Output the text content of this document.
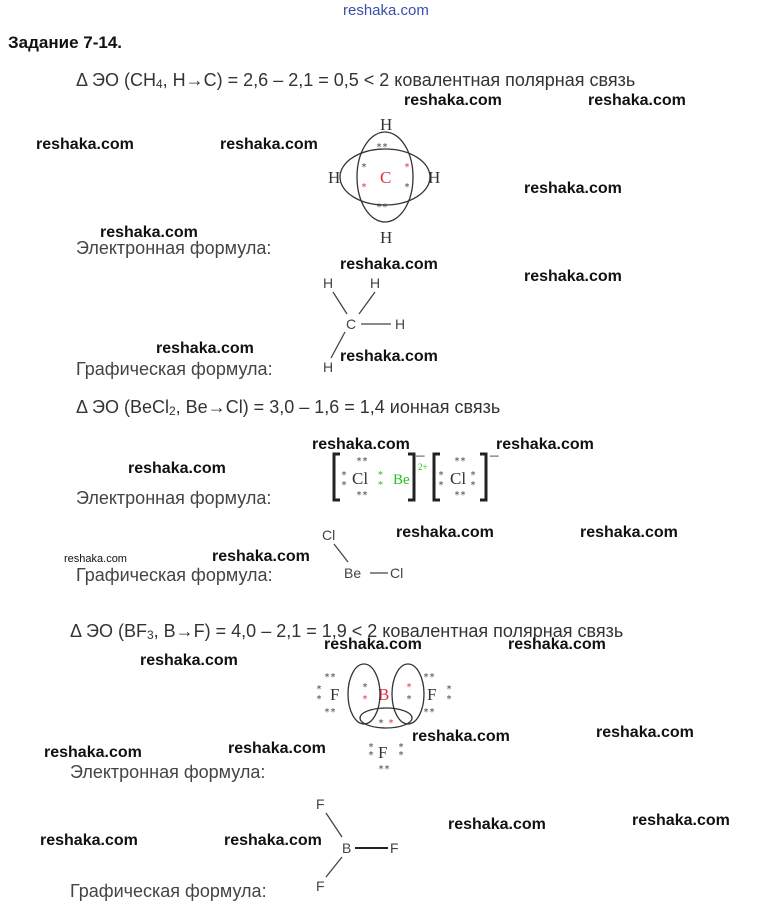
reshaka.com
Задание 7-14.
Δ ЭО ($CH_4$, H→C) = 2,6 – 2,1 = 0,5 < 2 ковалентная полярная связь
H
H	H
H
C
**
**
*
*
*
*
Электронная формула:
H	H
C	H
H
Графическая формула:
Δ ЭО (BeCl$_2$, Be→Cl) = 3,0 – 1,6 = 1,4 ионная связь
Cl	Cl
Be
2+
–	–
**
**
*
*
**
**
*
*
*
*
*
*
Электронная формула:
Cl
Be Cl
Графическая формула:
Δ ЭО ($BF_3$, B→F) = 4,0 – 2,1 = 1,9 < 2 ковалентная полярная связь
F	F
F
B
**
**
*
*
**
**
*
*
*
*
*
*
* *
*
*
*
*
**
Электронная формула:
F
B	F
F
Графическая формула:
reshaka.com	reshaka.com
reshaka.com	reshaka.com
reshaka.com
reshaka.com
reshaka.com
reshaka.com
reshaka.com	reshaka.com
reshaka.com	reshaka.com
reshaka.com
reshaka.com	reshaka.com
reshaka.com	reshaka.com
reshaka.com	reshaka.com
reshaka.com
reshaka.com
reshaka.com
reshaka.com
reshaka.com
reshaka.com
reshaka.com
reshaka.com
reshaka.com
